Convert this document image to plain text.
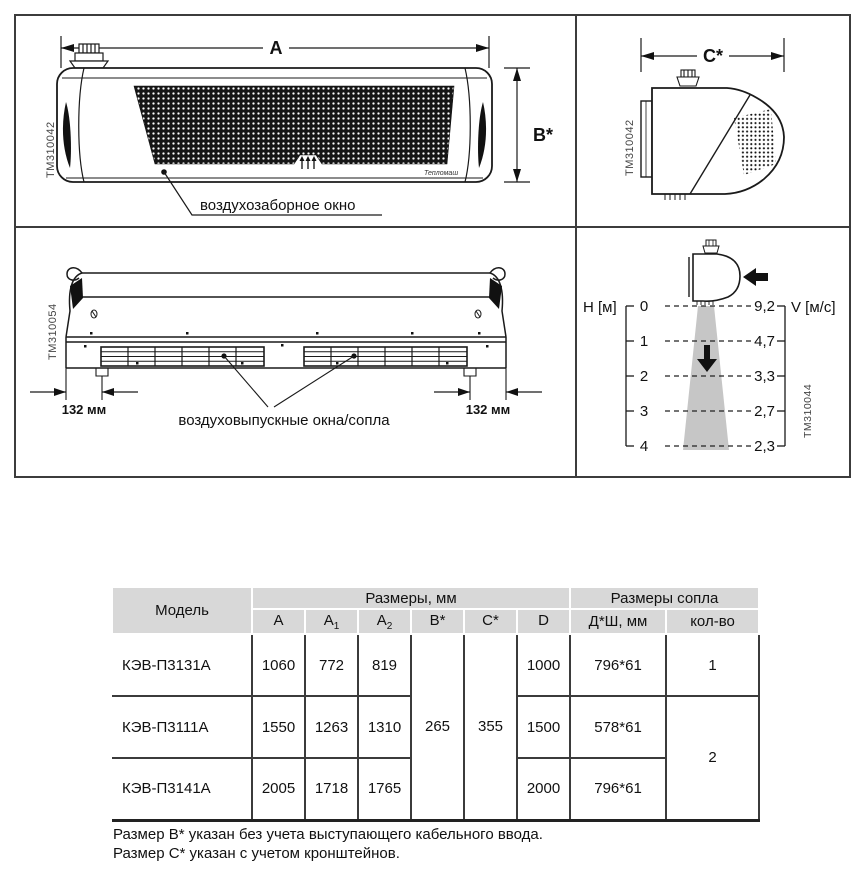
A
Тепломаш
воздухозаборное окно
B*
TM310042
C*
TM310042
132 мм	132 мм
воздуховыпускные окна/сопла
TM310054	H [м] 0
1
2
3
4
9,2
4,7
3,3
2,7
2,3
V [м/с]
TM310044
Модель	Размеры, мм						Размеры сопла	
	A	$A_1$	$A_2$	B*	C*	D	Д*Ш, мм	кол-во
КЭВ-П3131А	1060	772	819	265	355	1000	796*61	1
КЭВ-П3111А	1550	1263	1310			1500	578*61	2
КЭВ-П3141А	2005	1718	1765			2000	796*61	
Размер B* указан без учета выступающего кабельного ввода.
Размер C* указан с учетом кронштейнов.
